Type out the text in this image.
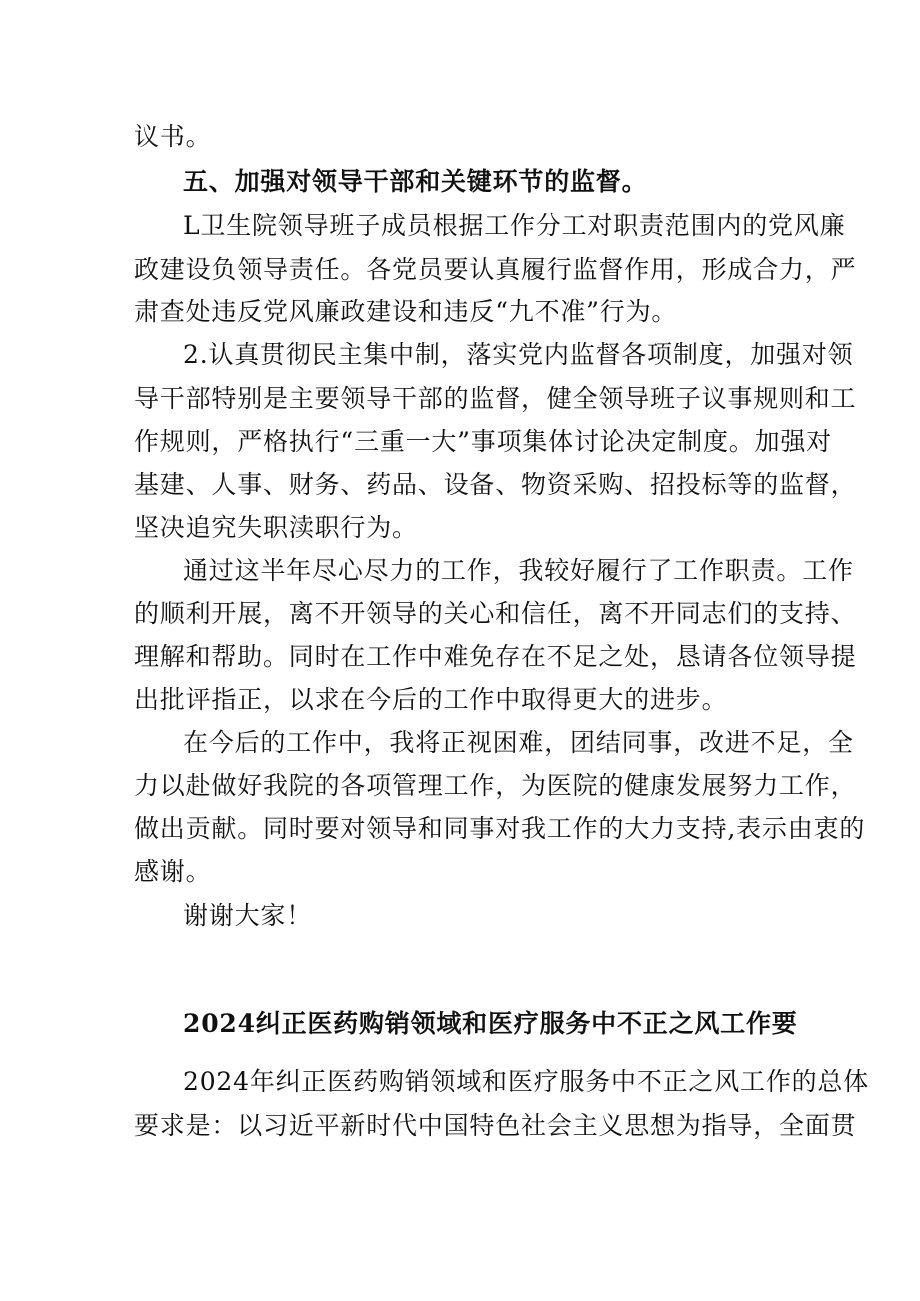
议书。
五、加强对领导干部和关键环节的监督。
L卫生院领导班子成员根据工作分工对职责范围内的党风廉
政建设负领导责任。各党员要认真履行监督作用，形成合力，严
肃查处违反党风廉政建设和违反“九不准”行为。
2.认真贯彻民主集中制，落实党内监督各项制度，加强对领
导干部特别是主要领导干部的监督，健全领导班子议事规则和工
作规则，严格执行“三重一大”事项集体讨论决定制度。加强对
基建、人事、财务、药品、设备、物资采购、招投标等的监督，
坚决追究失职渎职行为。
通过这半年尽心尽力的工作，我较好履行了工作职责。工作
的顺利开展，离不开领导的关心和信任，离不开同志们的支持、
理解和帮助。同时在工作中难免存在不足之处，恳请各位领导提
出批评指正，以求在今后的工作中取得更大的进步。
在今后的工作中，我将正视困难，团结同事，改进不足，全
力以赴做好我院的各项管理工作，为医院的健康发展努力工作，
做出贡献。同时要对领导和同事对我工作的大力支持,表示由衷的
感谢。
谢谢大家！
2024纠正医药购销领域和医疗服务中不正之风工作要
2024年纠正医药购销领域和医疗服务中不正之风工作的总体
要求是：以习近平新时代中国特色社会主义思想为指导，全面贯
